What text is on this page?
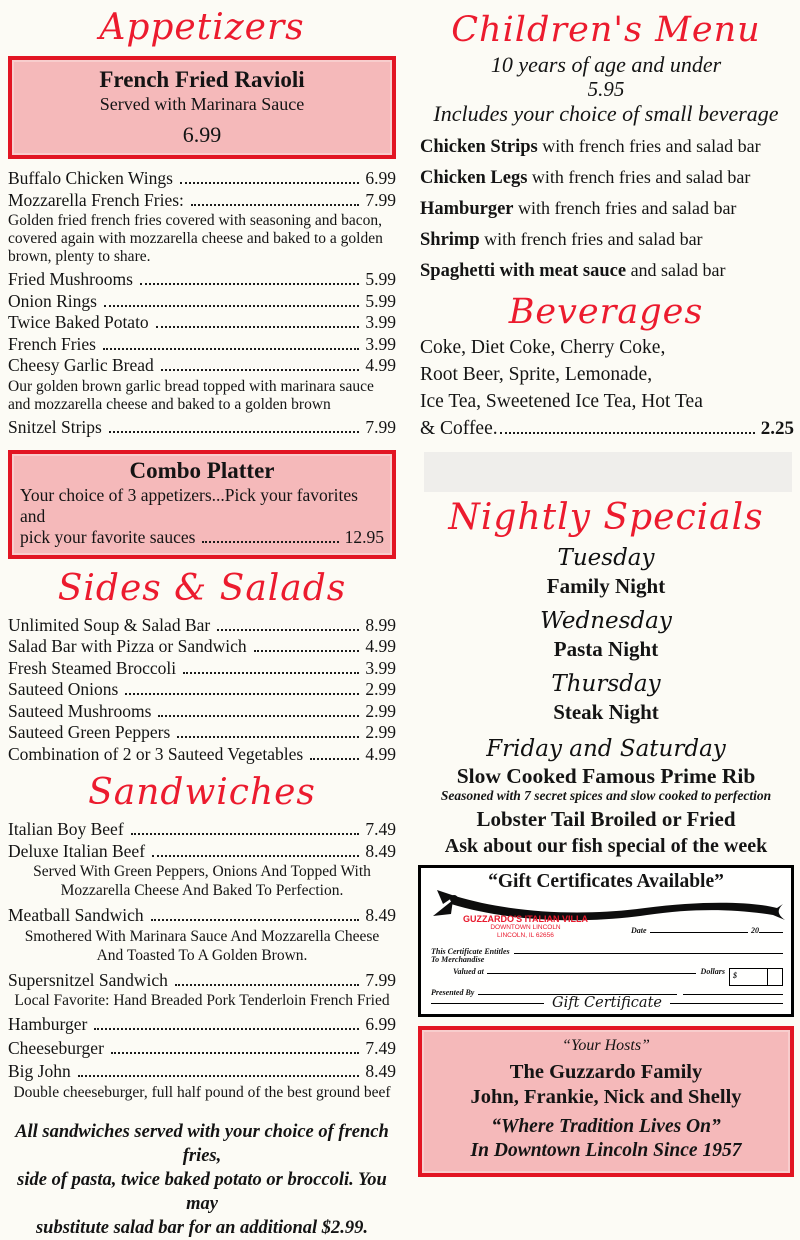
Appetizers
French Fried Ravioli
Served with Marinara Sauce
6.99
Buffalo Chicken Wings	6.99
Mozzarella French Fries:	7.99
Golden fried french fries covered with seasoning and bacon, covered again with mozzarella cheese and baked to a golden brown, plenty to share.
Fried Mushrooms	5.99
Onion Rings	5.99
Twice Baked Potato	3.99
French Fries	3.99
Cheesy Garlic Bread	4.99
Our golden brown garlic bread topped with marinara sauce and mozzarella cheese and baked to a golden brown
Snitzel Strips	7.99
Combo Platter
Your choice of 3 appetizers...Pick your favorites and
pick your favorite sauces	12.95
Sides & Salads
Unlimited Soup & Salad Bar	8.99
Salad Bar with Pizza or Sandwich	4.99
Fresh Steamed Broccoli	3.99
Sauteed Onions	2.99
Sauteed Mushrooms	2.99
Sauteed Green Peppers	2.99
Combination of 2 or 3 Sauteed Vegetables	4.99
Sandwiches
Italian Boy Beef	7.49
Deluxe Italian Beef	8.49
Served With Green Peppers, Onions And Topped With
Mozzarella Cheese And Baked To Perfection.
Meatball Sandwich	8.49
Smothered With Marinara Sauce And Mozzarella Cheese
And Toasted To A Golden Brown.
Supersnitzel Sandwich	7.99
Local Favorite: Hand Breaded Pork Tenderloin French Fried
Hamburger	6.99
Cheeseburger	7.49
Big John	8.49
Double cheeseburger, full half pound of the best ground beef
All sandwiches served with your choice of french fries,
side of pasta, twice baked potato or broccoli. You may
substitute salad bar for an additional $2.99.
Children's Menu
10 years of age and under
5.95
Includes your choice of small beverage

Chicken Strips with french fries and salad bar

Chicken Legs with french fries and salad bar

Hamburger with french fries and salad bar

Shrimp with french fries and salad bar

Spaghetti with meat sauce and salad bar

Beverages
Coke, Diet Coke, Cherry Coke,
Root Beer, Sprite, Lemonade,
Ice Tea, Sweetened Ice Tea, Hot Tea
& Coffee.	2.25
Nightly Specials
Tuesday
Family Night
Wednesday
Pasta Night
Thursday
Steak Night
Friday and Saturday
Slow Cooked Famous Prime Rib
Seasoned with 7 secret spices and slow cooked to perfection
Lobster Tail Broiled or Fried
Ask about our fish special of the week
“Gift Certificates Available”
GUZZARDO'S ITALIAN VILLA
DOWNTOWN LINCOLN
LINCOLN, IL 62656	Date	20
This Certificate Entitles
To Merchandise
Valued at	Dollars	$
Presented By
Gift Certificate
“Your Hosts”
The Guzzardo Family
John, Frankie, Nick and Shelly
“Where Tradition Lives On”
In Downtown Lincoln Since 1957
